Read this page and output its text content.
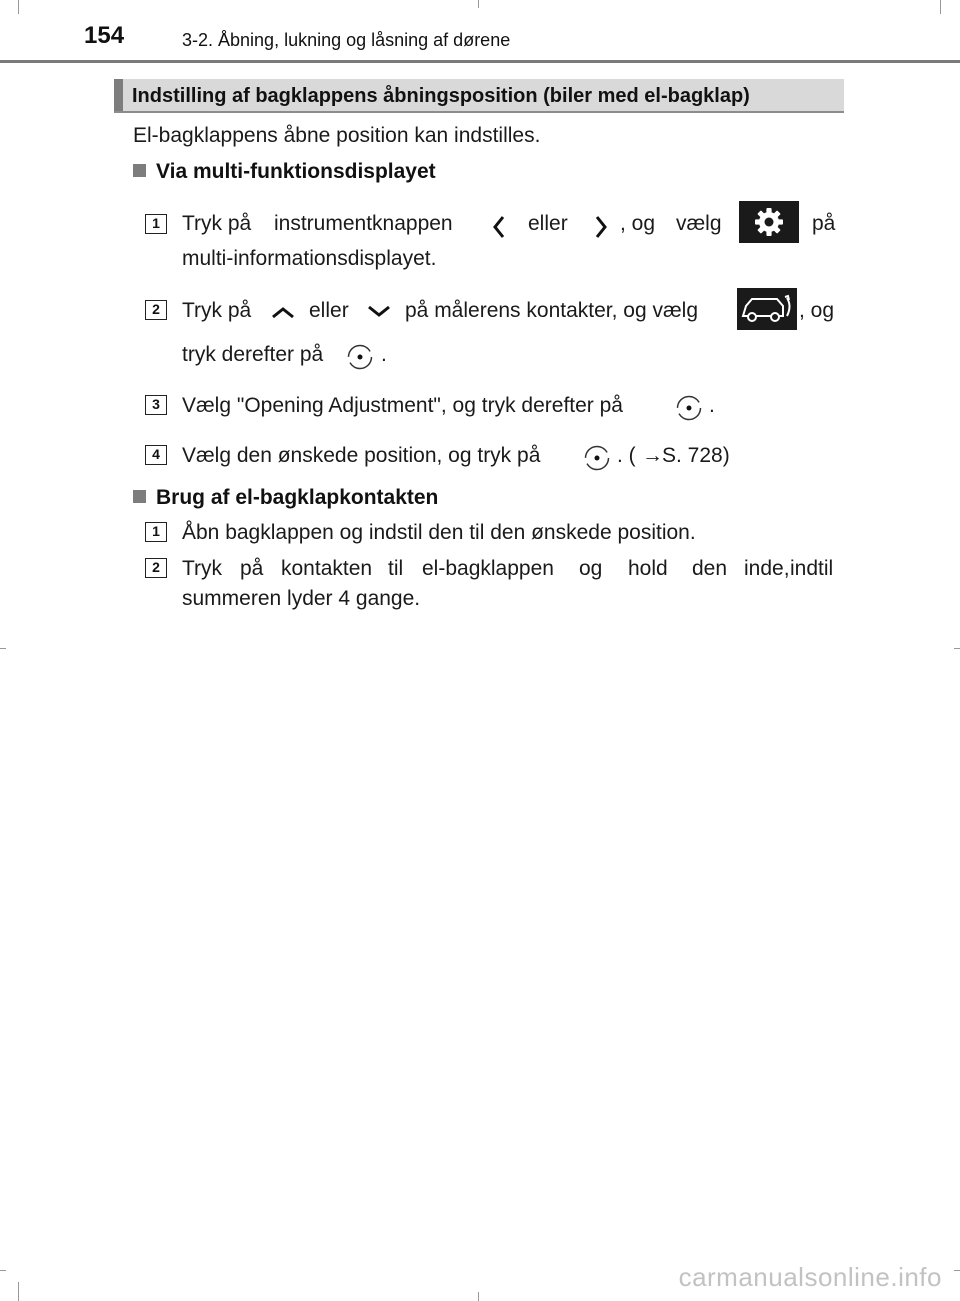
154	3-2. Åbning, lukning og låsning af dørene
Indstilling af bagklappens åbningsposition (biler med el-bagklap)
El-bagklappens åbne position kan indstilles.
Via multi-funktionsdisplayet
1	Tryk på instrumentknappen	eller , og vælg	på
multi-informationsdisplayet.
2	Tryk på	eller	på målerens kontakter, og vælg	, og
tryk derefter på	.
3	Vælg "Opening Adjustment", og tryk derefter på	.
4	Vælg den ønskede position, og tryk på	. ( → S. 728)
Brug af el-bagklapkontakten
1	Åbn bagklappen og indstil den til den ønskede position.
2	Tryk på kontakten til el-bagklappen og hold den inde, indtil
summeren lyder 4 gange.
carmanualsonline.info
